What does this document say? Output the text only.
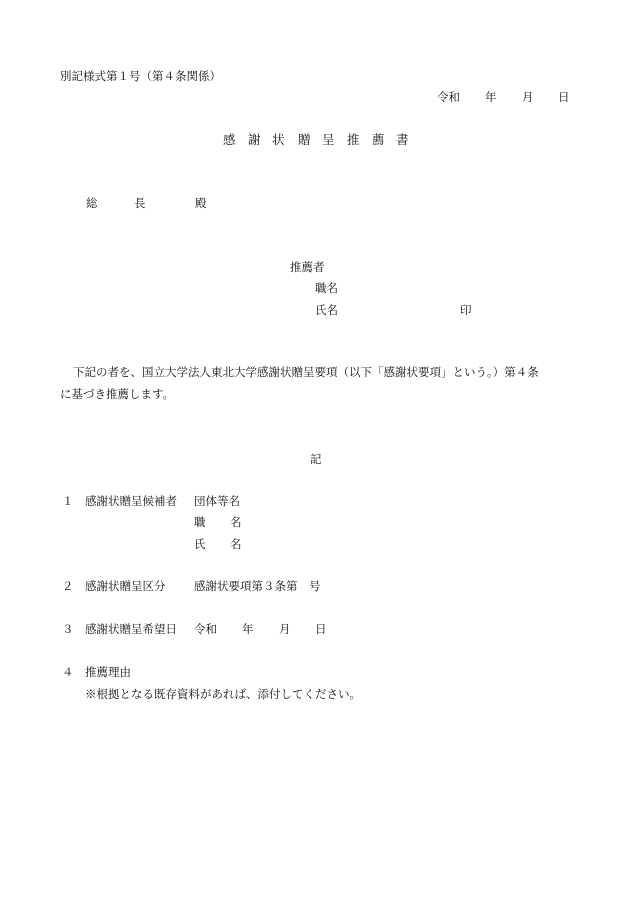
別記様式第１号（第４条関係）
令和 年 月 日
感 謝 状 贈 呈 推 薦 書
総	長	殿
推薦者
職名
氏名	印
下記の者を、国立大学法人東北大学感謝状贈呈要項（以下「感謝状要項」という。）第４条
に基づき推薦します。
記
１ 感謝状贈呈候補者 団体等名
職 名
氏 名
２ 感謝状贈呈区分 感謝状要項第３条第　号
３ 感謝状贈呈希望日 令和 年 月 日
４ 推薦理由
※根拠となる既存資料があれば、添付してください。
